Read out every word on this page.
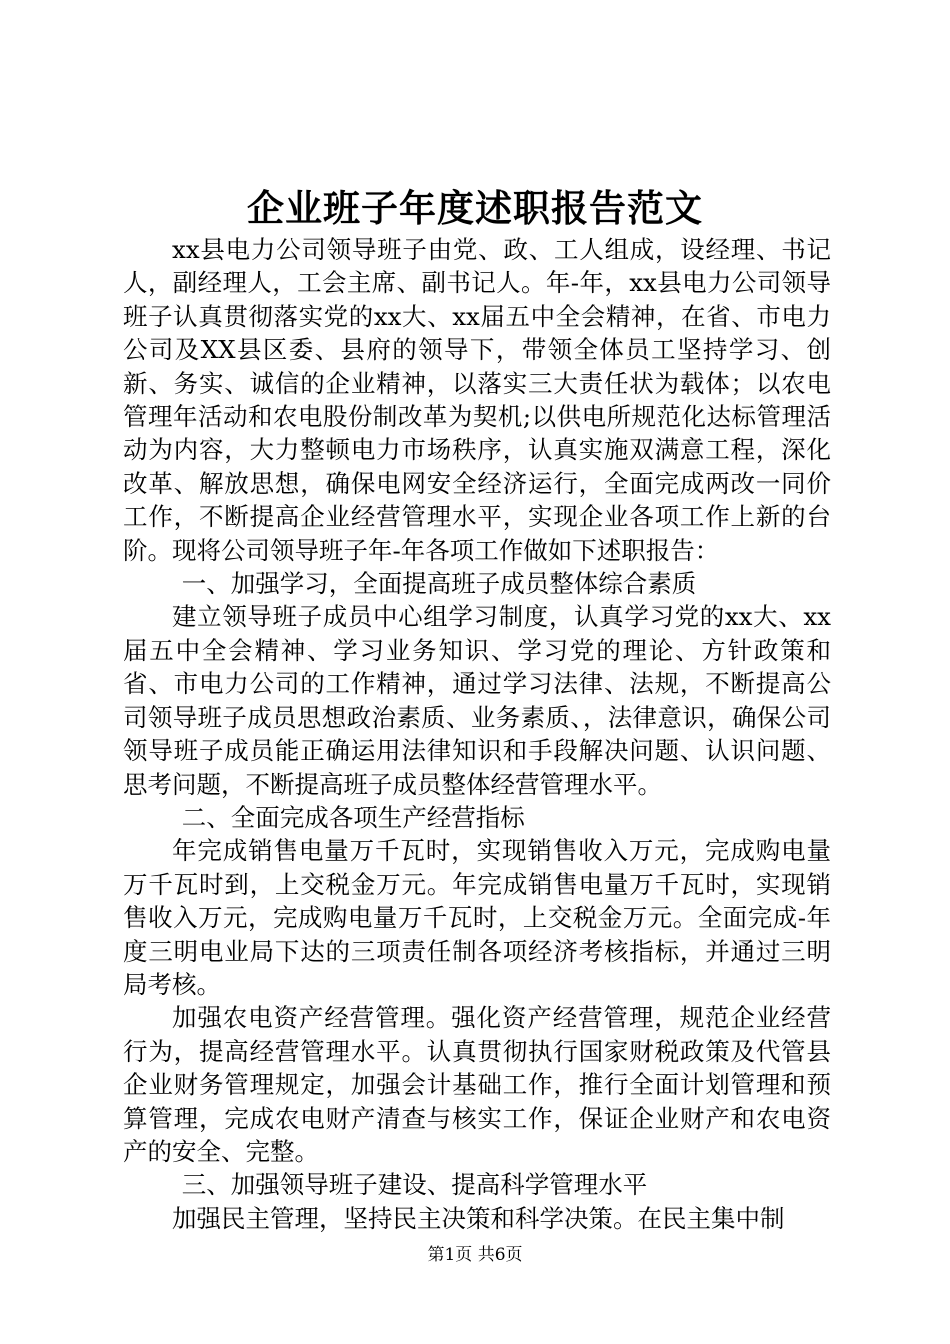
企业班子年度述职报告范文

xx县电力公司领导班子由党、政、工人组成，设经理、书记人，副经理人，工会主席、副书记人。年-年，xx县电力公司领导班子认真贯彻落实党的xx大、xx届五中全会精神，在省、市电力公司及XX县区委、县府的领导下，带领全体员工坚持学习、创新、务实、诚信的企业精神，以落实三大责任状为载体；以农电管理年活动和农电股份制改革为契机;以供电所规范化达标管理活动为内容，大力整顿电力市场秩序，认真实施双满意工程，深化改革、解放思想，确保电网安全经济运行，全面完成两改一同价工作，不断提高企业经营管理水平，实现企业各项工作上新的台阶。现将公司领导班子年-年各项工作做如下述职报告：

一、加强学习，全面提高班子成员整体综合素质

建立领导班子成员中心组学习制度，认真学习党的xx大、xx届五中全会精神、学习业务知识、学习党的理论、方针政策和省、市电力公司的工作精神，通过学习法律、法规，不断提高公司领导班子成员思想政治素质、业务素质、，法律意识，确保公司领导班子成员能正确运用法律知识和手段解决问题、认识问题、思考问题，不断提高班子成员整体经营管理水平。

二、全面完成各项生产经营指标

年完成销售电量万千瓦时，实现销售收入万元，完成购电量万千瓦时到，上交税金万元。年完成销售电量万千瓦时，实现销售收入万元，完成购电量万千瓦时，上交税金万元。全面完成-年度三明电业局下达的三项责任制各项经济考核指标，并通过三明局考核。

加强农电资产经营管理。强化资产经营管理，规范企业经营行为，提高经营管理水平。认真贯彻执行国家财税政策及代管县企业财务管理规定，加强会计基础工作，推行全面计划管理和预算管理，完成农电财产清查与核实工作，保证企业财产和农电资产的安全、完整。

三、加强领导班子建设、提高科学管理水平

加强民主管理，坚持民主决策和科学决策。在民主集中制

第1页 共6页
